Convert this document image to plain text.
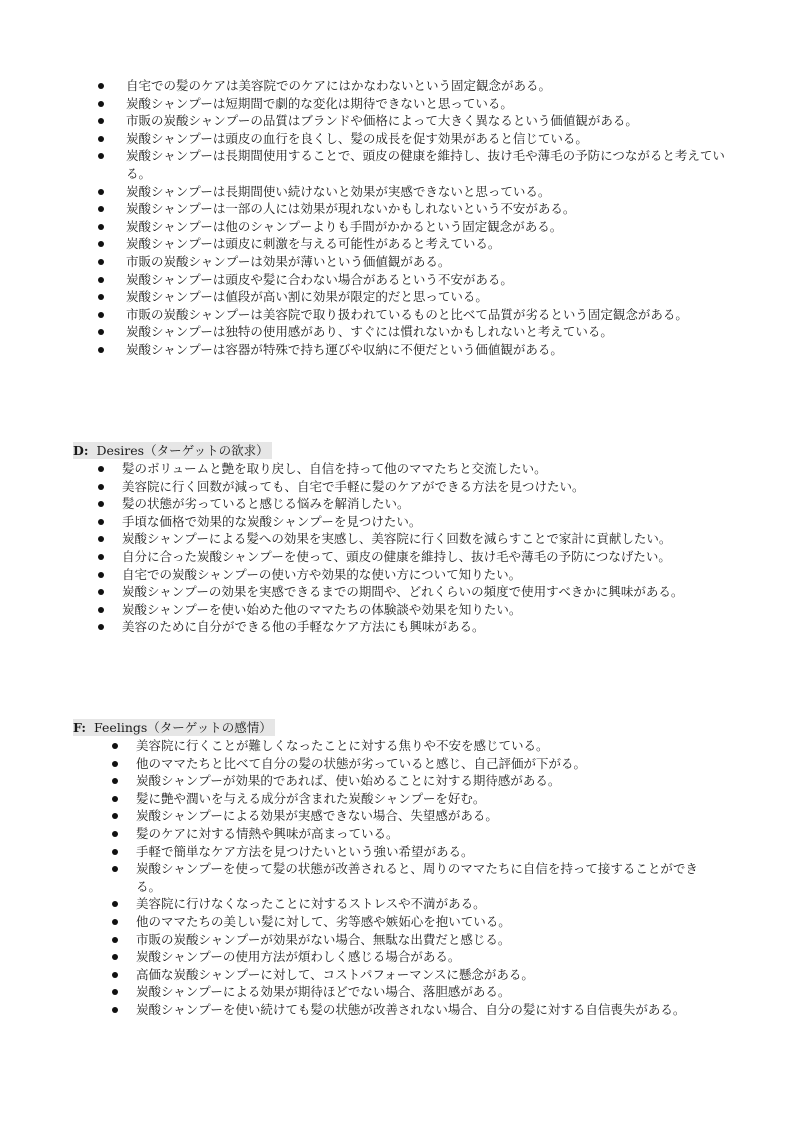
自宅での髪のケアは美容院でのケアにはかなわないという固定観念がある。
炭酸シャンプーは短期間で劇的な変化は期待できないと思っている。
市販の炭酸シャンプーの品質はブランドや価格によって大きく異なるという価値観がある。
炭酸シャンプーは頭皮の血行を良くし、髪の成長を促す効果があると信じている。
炭酸シャンプーは長期間使用することで、頭皮の健康を維持し、抜け毛や薄毛の予防につながると考えている。
炭酸シャンプーは長期間使い続けないと効果が実感できないと思っている。
炭酸シャンプーは一部の人には効果が現れないかもしれないという不安がある。
炭酸シャンプーは他のシャンプーよりも手間がかかるという固定観念がある。
炭酸シャンプーは頭皮に刺激を与える可能性があると考えている。
市販の炭酸シャンプーは効果が薄いという価値観がある。
炭酸シャンプーは頭皮や髪に合わない場合があるという不安がある。
炭酸シャンプーは値段が高い割に効果が限定的だと思っている。
市販の炭酸シャンプーは美容院で取り扱われているものと比べて品質が劣るという固定観念がある。
炭酸シャンプーは独特の使用感があり、すぐには慣れないかもしれないと考えている。
炭酸シャンプーは容器が特殊で持ち運びや収納に不便だという価値観がある。
D: Desires（ターゲットの欲求）
髪のボリュームと艶を取り戻し、自信を持って他のママたちと交流したい。
美容院に行く回数が減っても、自宅で手軽に髪のケアができる方法を見つけたい。
髪の状態が劣っていると感じる悩みを解消したい。
手頃な価格で効果的な炭酸シャンプーを見つけたい。
炭酸シャンプーによる髪への効果を実感し、美容院に行く回数を減らすことで家計に貢献したい。
自分に合った炭酸シャンプーを使って、頭皮の健康を維持し、抜け毛や薄毛の予防につなげたい。
自宅での炭酸シャンプーの使い方や効果的な使い方について知りたい。
炭酸シャンプーの効果を実感できるまでの期間や、どれくらいの頻度で使用すべきかに興味がある。
炭酸シャンプーを使い始めた他のママたちの体験談や効果を知りたい。
美容のために自分ができる他の手軽なケア方法にも興味がある。
F: Feelings（ターゲットの感情）
美容院に行くことが難しくなったことに対する焦りや不安を感じている。
他のママたちと比べて自分の髪の状態が劣っていると感じ、自己評価が下がる。
炭酸シャンプーが効果的であれば、使い始めることに対する期待感がある。
髪に艶や潤いを与える成分が含まれた炭酸シャンプーを好む。
炭酸シャンプーによる効果が実感できない場合、失望感がある。
髪のケアに対する情熱や興味が高まっている。
手軽で簡単なケア方法を見つけたいという強い希望がある。
炭酸シャンプーを使って髪の状態が改善されると、周りのママたちに自信を持って接することができる。
美容院に行けなくなったことに対するストレスや不満がある。
他のママたちの美しい髪に対して、劣等感や嫉妬心を抱いている。
市販の炭酸シャンプーが効果がない場合、無駄な出費だと感じる。
炭酸シャンプーの使用方法が煩わしく感じる場合がある。
高価な炭酸シャンプーに対して、コストパフォーマンスに懸念がある。
炭酸シャンプーによる効果が期待ほどでない場合、落胆感がある。
炭酸シャンプーを使い続けても髪の状態が改善されない場合、自分の髪に対する自信喪失がある。
